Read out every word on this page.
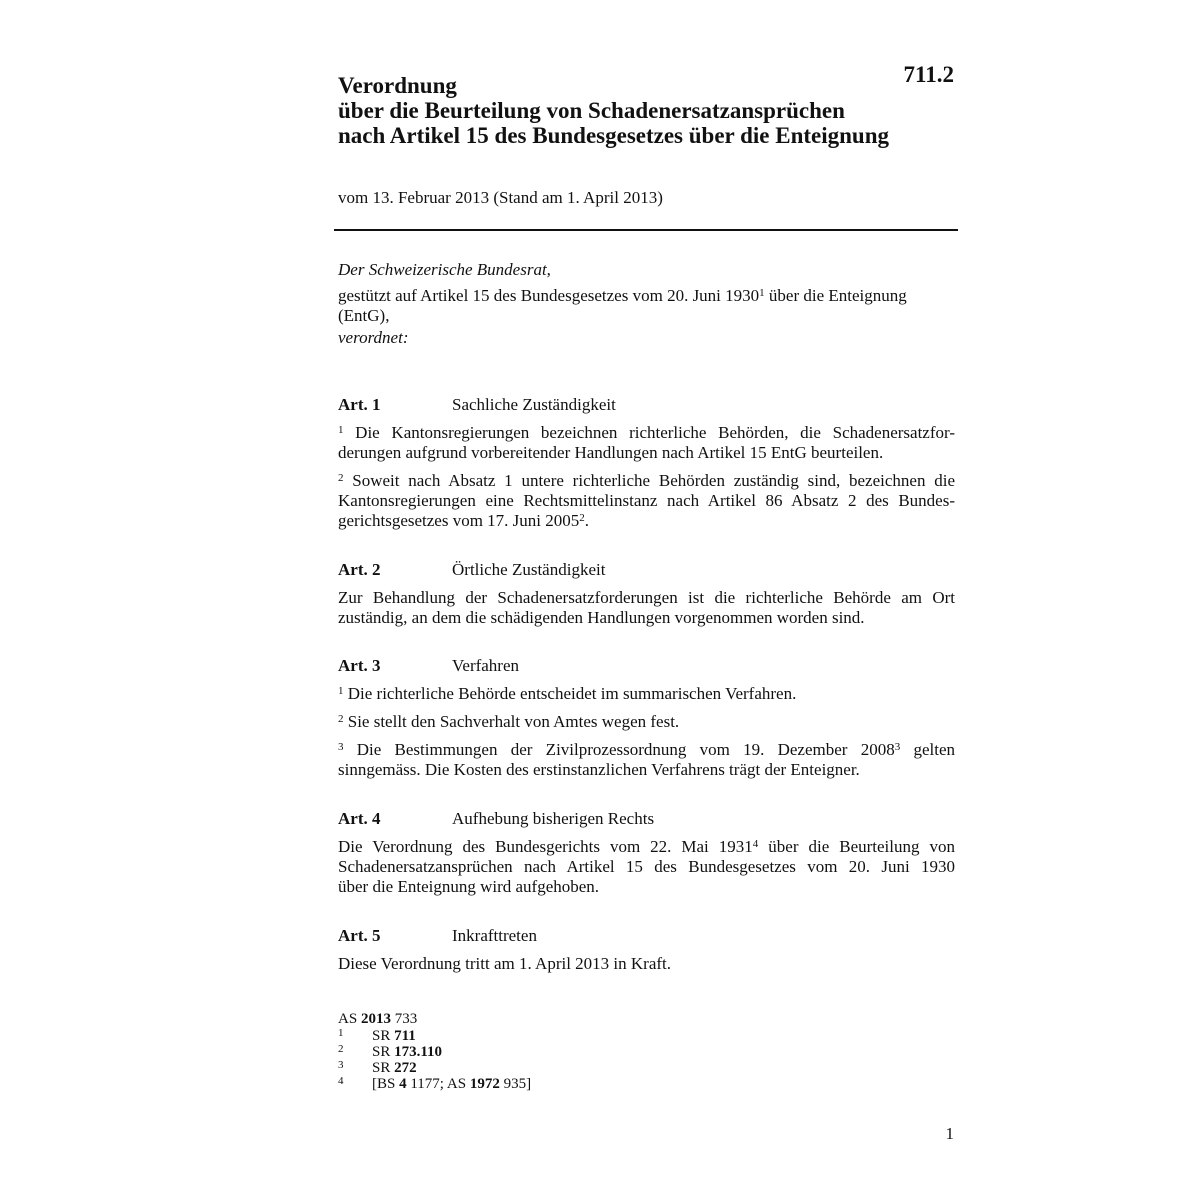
711.2
Verordnung
über die Beurteilung von Schadenersatzansprüchen
nach Artikel 15 des Bundesgesetzes über die Enteignung
vom 13. Februar 2013 (Stand am 1. April 2013)
Der Schweizerische Bundesrat,
gestützt auf Artikel 15 des Bundesgesetzes vom 20. Juni 1930$^1$ über die Enteignung
(EntG),
verordnet:
Art. 1	Sachliche Zuständigkeit
$^1$ Die Kantonsregierungen bezeichnen richterliche Behörden, die Schadenersatzfor-
derungen aufgrund vorbereitender Handlungen nach Artikel 15 EntG beurteilen.
$^2$ Soweit nach Absatz 1 untere richterliche Behörden zuständig sind, bezeichnen die
Kantonsregierungen eine Rechtsmittelinstanz nach Artikel 86 Absatz 2 des Bundes-
gerichtsgesetzes vom 17. Juni 2005$^2$.
Art. 2	Örtliche Zuständigkeit
Zur Behandlung der Schadenersatzforderungen ist die richterliche Behörde am Ort
zuständig, an dem die schädigenden Handlungen vorgenommen worden sind.
Art. 3	Verfahren
$^1$ Die richterliche Behörde entscheidet im summarischen Verfahren.
$^2$ Sie stellt den Sachverhalt von Amtes wegen fest.
$^3$ Die Bestimmungen der Zivilprozessordnung vom 19. Dezember 2008$^3$ gelten
sinngemäss. Die Kosten des erstinstanzlichen Verfahrens trägt der Enteigner.
Art. 4	Aufhebung bisherigen Rechts
Die Verordnung des Bundesgerichts vom 22. Mai 1931$^4$ über die Beurteilung von
Schadenersatzansprüchen nach Artikel 15 des Bundesgesetzes vom 20. Juni 1930
über die Enteignung wird aufgehoben.
Art. 5	Inkrafttreten
Diese Verordnung tritt am 1. April 2013 in Kraft.
AS 2013 733
1	SR 711
2	SR 173.110
3	SR 272
4	[BS 4 1177; AS 1972 935]
1
